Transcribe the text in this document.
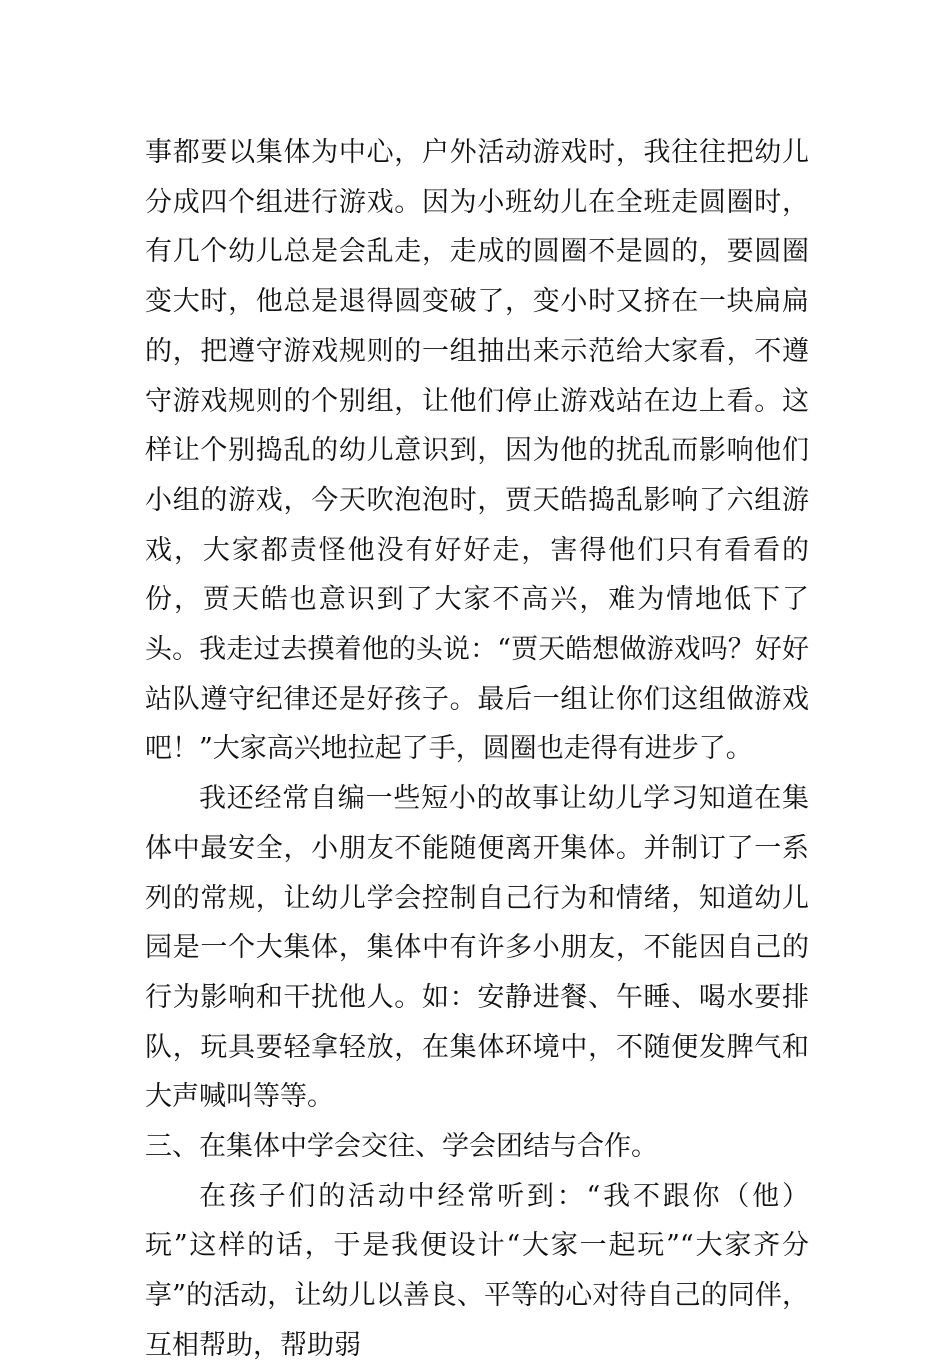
事都要以集体为中心，户外活动游戏时，我往往把幼儿分成四个组进行游戏。因为小班幼儿在全班走圆圈时，有几个幼儿总是会乱走，走成的圆圈不是圆的，要圆圈变大时，他总是退得圆变破了，变小时又挤在一块扁扁的，把遵守游戏规则的一组抽出来示范给大家看，不遵守游戏规则的个别组，让他们停止游戏站在边上看。这样让个别捣乱的幼儿意识到，因为他的扰乱而影响他们小组的游戏，今天吹泡泡时，贾天皓捣乱影响了六组游戏，大家都责怪他没有好好走，害得他们只有看看的份，贾天皓也意识到了大家不高兴，难为情地低下了头。我走过去摸着他的头说：“贾天皓想做游戏吗？好好站队遵守纪律还是好孩子。最后一组让你们这组做游戏吧！”大家高兴地拉起了手，圆圈也走得有进步了。

我还经常自编一些短小的故事让幼儿学习知道在集体中最安全，小朋友不能随便离开集体。并制订了一系列的常规，让幼儿学会控制自己行为和情绪，知道幼儿园是一个大集体，集体中有许多小朋友，不能因自己的行为影响和干扰他人。如：安静进餐、午睡、喝水要排队，玩具要轻拿轻放，在集体环境中，不随便发脾气和大声喊叫等等。

三、在集体中学会交往、学会团结与合作。

在孩子们的活动中经常听到：“我不跟你（他）玩”这样的话，于是我便设计“大家一起玩”“大家齐分享”的活动，让幼儿以善良、平等的心对待自己的同伴，互相帮助，帮助弱
